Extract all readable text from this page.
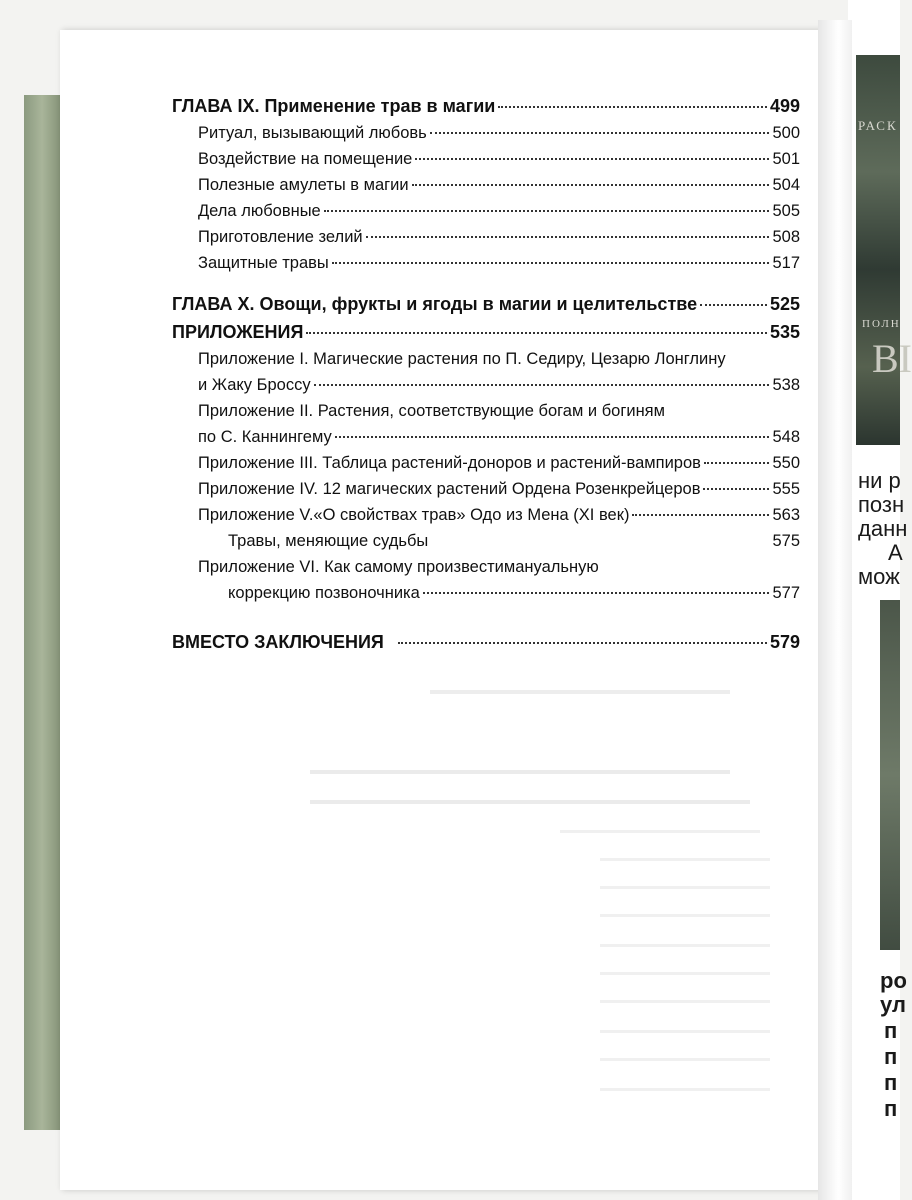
РАСК
ПОЛН
ВІ
ни р
позн
данн
А
мож
ро
ул
п
п
п
п
ГЛАВА IX. Применение трав в магии	499
Ритуал, вызывающий любовь	500
Воздействие на помещение	501
Полезные амулеты в магии	504
Дела любовные	505
Приготовление зелий	508
Защитные травы	517
ГЛАВА X. Овощи, фрукты и ягоды в магии и целительстве	525
ПРИЛОЖЕНИЯ	535
Приложение I. Магические растения по П. Седиру, Цезарю Лонглину
и Жаку Броссу	538
Приложение II. Растения, соответствующие богам и богиням
по С. Каннингему	548
Приложение III. Таблица растений-доноров и растений-вампиров	550
Приложение IV. 12 магических растений Ордена Розенкрейцеров	555
Приложение V.«О свойствах трав» Одо из Мена (XI век)	563
Травы, меняющие судьбы	575
Приложение VI. Как самому произвестимануальную
коррекцию позвоночника	577
ВМЕСТО ЗАКЛЮЧЕНИЯ	579
